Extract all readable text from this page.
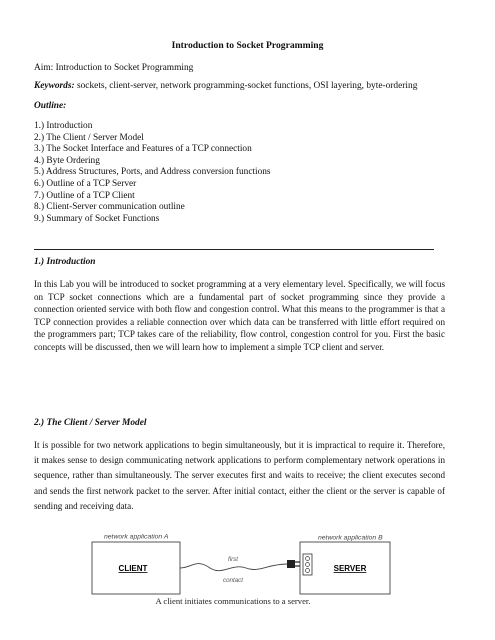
Introduction to Socket Programming
Aim: Introduction to Socket Programming
Keywords: sockets, client-server, network programming-socket functions, OSI layering, byte-ordering
Outline:
1.) Introduction
2.) The Client / Server Model
3.) The Socket Interface and Features of a TCP connection
4.) Byte Ordering
5.) Address Structures, Ports, and Address conversion functions
6.) Outline of a TCP Server
7.) Outline of a TCP Client
8.) Client-Server communication outline
9.) Summary of Socket Functions
1.) Introduction

In this Lab you will be introduced to socket programming at a very elementary level. Specifically, we will focus on TCP socket connections which are a fundamental part of socket programming since they provide a connection oriented service with both flow and congestion control. What this means to the programmer is that a TCP connection provides a reliable connection over which data can be transferred with little effort required on the programmers part; TCP takes care of the reliability, flow control, congestion control for you. First the basic concepts will be discussed, then we will learn how to implement a simple TCP client and server.

2.) The Client / Server Model

It is possible for two network applications to begin simultaneously, but it is impractical to require it. Therefore, it makes sense to design communicating network applications to perform complementary network operations in sequence, rather than simultaneously. The server executes first and waits to receive; the client executes second and sends the first network packet to the server. After initial contact, either the client or the server is capable of sending and receiving data.

network application A
CLIENT
network application B
SERVER
first
contact
A client initiates communications to a server.
